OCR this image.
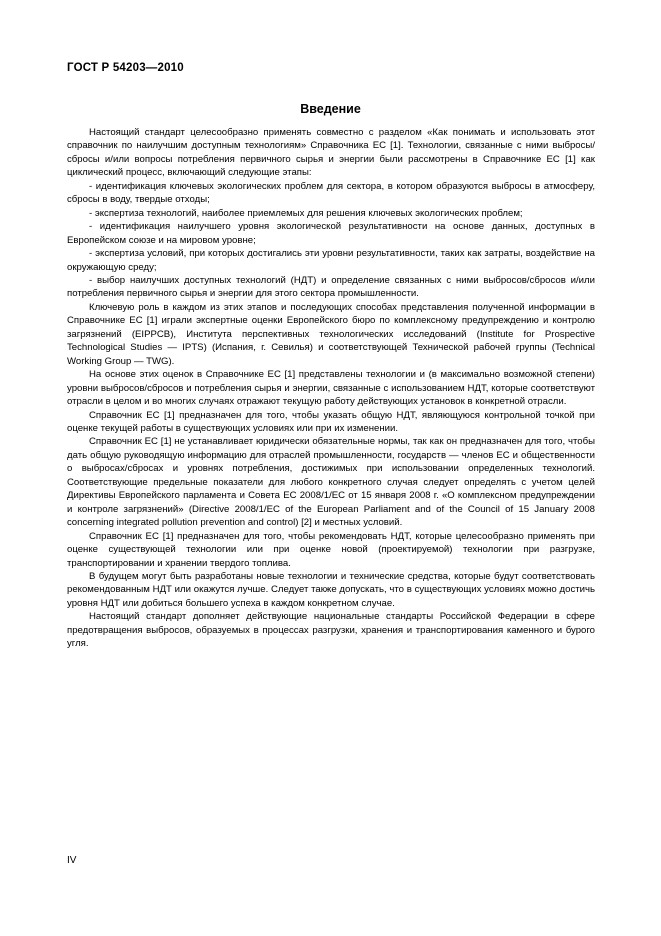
ГОСТ Р 54203—2010
Введение

Настоящий стандарт целесообразно применять совместно с разделом «Как понимать и использовать этот справочник по наилучшим доступным технологиям» Справочника ЕС [1]. Технологии, связанные с ними выбросы/сбросы и/или вопросы потребления первичного сырья и энергии были рассмотрены в Справочнике ЕС [1] как циклический процесс, включающий следующие этапы:

- идентификация ключевых экологических проблем для сектора, в котором образуются выбросы в атмосферу, сбросы в воду, твердые отходы;

- экспертиза технологий, наиболее приемлемых для решения ключевых экологических проблем;

- идентификация наилучшего уровня экологической результативности на основе данных, доступных в Европейском союзе и на мировом уровне;

- экспертиза условий, при которых достигались эти уровни результативности, таких как затраты, воздействие на окружающую среду;

- выбор наилучших доступных технологий (НДТ) и определение связанных с ними выбросов/сбросов и/или потребления первичного сырья и энергии для этого сектора промышленности.

Ключевую роль в каждом из этих этапов и последующих способах представления полученной информации в Справочнике ЕС [1] играли экспертные оценки Европейского бюро по комплексному предупреждению и контролю загрязнений (EIPPCB), Института перспективных технологических исследований (Institute for Prospective Technological Studies — IPTS) (Испания, г. Севилья) и соответствующей Технической рабочей группы (Technical Working Group — TWG).

На основе этих оценок в Справочнике ЕС [1] представлены технологии и (в максимально возможной степени) уровни выбросов/сбросов и потребления сырья и энергии, связанные с использованием НДТ, которые соответствуют отрасли в целом и во многих случаях отражают текущую работу действующих установок в конкретной отрасли.

Справочник ЕС [1] предназначен для того, чтобы указать общую НДТ, являющуюся контрольной точкой при оценке текущей работы в существующих условиях или при их изменении.

Справочник ЕС [1] не устанавливает юридически обязательные нормы, так как он предназначен для того, чтобы дать общую руководящую информацию для отраслей промышленности, государств — членов ЕС и общественности о выбросах/сбросах и уровнях потребления, достижимых при использовании определенных технологий. Соответствующие предельные показатели для любого конкретного случая следует определять с учетом целей Директивы Европейского парламента и Совета ЕС 2008/1/ЕС от 15 января 2008 г. «О комплексном предупреждении и контроле загрязнений» (Directive 2008/1/EC of the European Parliament and of the Council of 15 January 2008 concerning integrated pollution prevention and control) [2] и местных условий.

Справочник ЕС [1] предназначен для того, чтобы рекомендовать НДТ, которые целесообразно применять при оценке существующей технологии или при оценке новой (проектируемой) технологии при разгрузке, транспортировании и хранении твердого топлива.

В будущем могут быть разработаны новые технологии и технические средства, которые будут соответствовать рекомендованным НДТ или окажутся лучше. Следует также допускать, что в существующих условиях можно достичь уровня НДТ или добиться большего успеха в каждом конкретном случае.

Настоящий стандарт дополняет действующие национальные стандарты Российской Федерации в сфере предотвращения выбросов, образуемых в процессах разгрузки, хранения и транспортирования каменного и бурого угля.

IV
